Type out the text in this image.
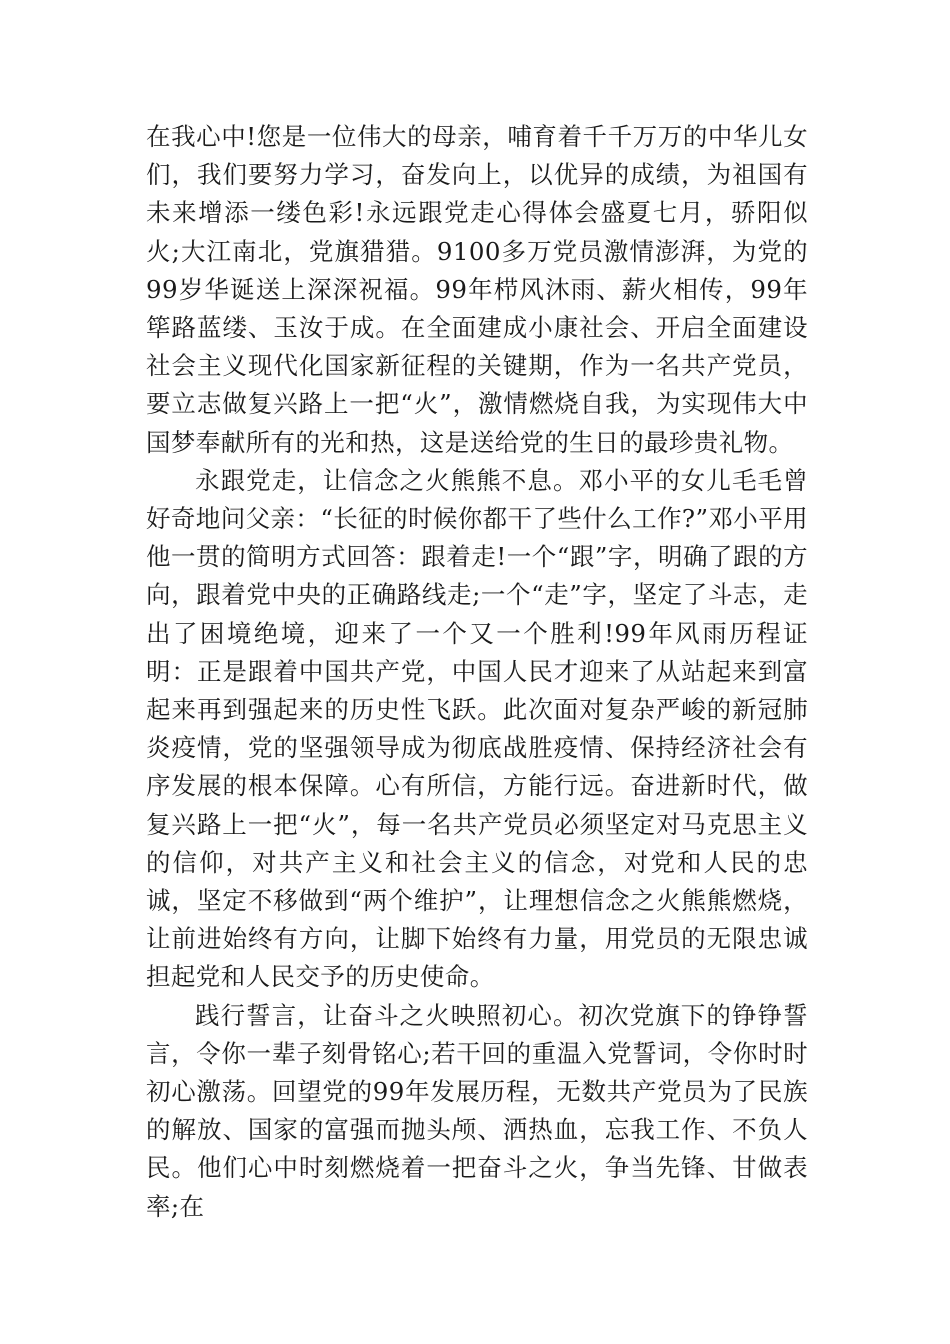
在我心中!您是一位伟大的母亲，哺育着千千万万的中华儿女们，我们要努力学习，奋发向上，以优异的成绩，为祖国有未来增添一缕色彩!永远跟党走心得体会盛夏七月，骄阳似火;大江南北，党旗猎猎。9100多万党员激情澎湃，为党的99岁华诞送上深深祝福。99年栉风沐雨、薪火相传，99年筚路蓝缕、玉汝于成。在全面建成小康社会、开启全面建设社会主义现代化国家新征程的关键期，作为一名共产党员，要立志做复兴路上一把“火”，激情燃烧自我，为实现伟大中国梦奉献所有的光和热，这是送给党的生日的最珍贵礼物。

永跟党走，让信念之火熊熊不息。邓小平的女儿毛毛曾好奇地问父亲：“长征的时候你都干了些什么工作?”邓小平用他一贯的简明方式回答：跟着走!一个“跟”字，明确了跟的方向，跟着党中央的正确路线走;一个“走”字，坚定了斗志，走出了困境绝境，迎来了一个又一个胜利!99年风雨历程证明：正是跟着中国共产党，中国人民才迎来了从站起来到富起来再到强起来的历史性飞跃。此次面对复杂严峻的新冠肺炎疫情，党的坚强领导成为彻底战胜疫情、保持经济社会有序发展的根本保障。心有所信，方能行远。奋进新时代，做复兴路上一把“火”，每一名共产党员必须坚定对马克思主义的信仰，对共产主义和社会主义的信念，对党和人民的忠诚，坚定不移做到“两个维护”，让理想信念之火熊熊燃烧，让前进始终有方向，让脚下始终有力量，用党员的无限忠诚担起党和人民交予的历史使命。

践行誓言，让奋斗之火映照初心。初次党旗下的铮铮誓言，令你一辈子刻骨铭心;若干回的重温入党誓词，令你时时初心激荡。回望党的99年发展历程，无数共产党员为了民族的解放、国家的富强而抛头颅、洒热血，忘我工作、不负人民。他们心中时刻燃烧着一把奋斗之火，争当先锋、甘做表率;在
